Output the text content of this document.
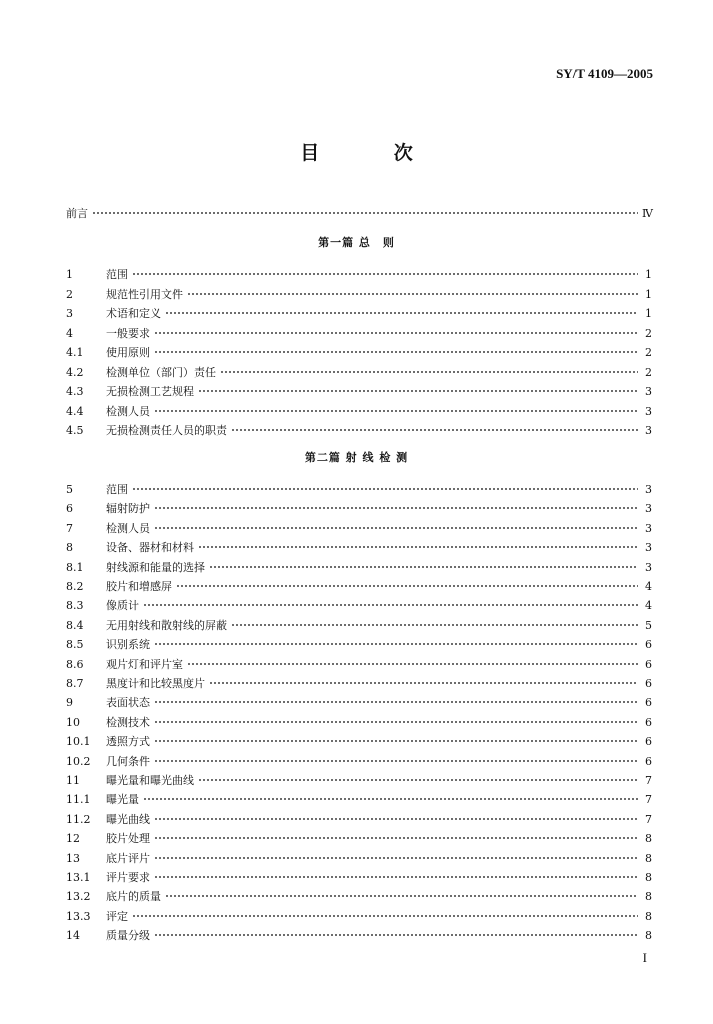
SY/T 4109—2005
目 次
前言	Ⅳ
第一篇 总　则
1	范围	1
2	规范性引用文件	1
3	术语和定义	1
4	一般要求	2
4.1	使用原则	2
4.2	检测单位（部门）责任	2
4.3	无损检测工艺规程	3
4.4	检测人员	3
4.5	无损检测责任人员的职责	3
第二篇 射 线 检 测
5	范围	3
6	辐射防护	3
7	检测人员	3
8	设备、器材和材料	3
8.1	射线源和能量的选择	3
8.2	胶片和增感屏	4
8.3	像质计	4
8.4	无用射线和散射线的屏蔽	5
8.5	识别系统	6
8.6	观片灯和评片室	6
8.7	黑度计和比较黑度片	6
9	表面状态	6
10	检测技术	6
10.1	透照方式	6
10.2	几何条件	6
11	曝光量和曝光曲线	7
11.1	曝光量	7
11.2	曝光曲线	7
12	胶片处理	8
13	底片评片	8
13.1	评片要求	8
13.2	底片的质量	8
13.3	评定	8
14	质量分级	8
I
